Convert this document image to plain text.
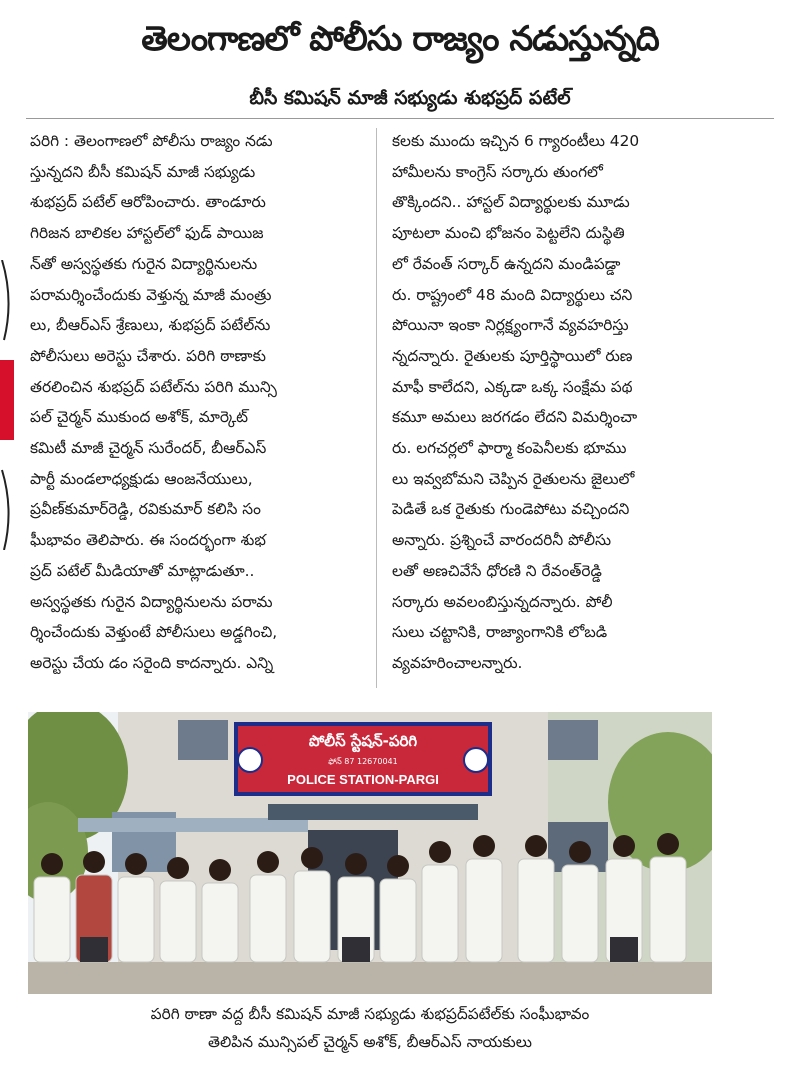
తెలంగాణలో పోలీసు రాజ్యం నడుస్తున్నది
బీసీ కమిషన్ మాజీ సభ్యుడు శుభప్రద్ పటేల్
పరిగి : తెలంగాణలో పోలీసు రాజ్యం నడు
స్తున్నదని బీసీ కమిషన్ మాజీ సభ్యుడు
శుభప్రద్ పటేల్ ఆరోపించారు. తాండూరు
గిరిజన బాలికల హాస్టల్‌లో ఫుడ్ పాయిజ
న్‌తో అస్వస్థతకు గురైన విద్యార్థినులను
పరామర్శించేందుకు వెళ్తున్న మాజీ మంత్రు
లు, బీఆర్ఎస్ శ్రేణులు, శుభప్రద్ పటేల్‌ను
పోలీసులు అరెస్టు చేశారు. పరిగి ఠాణాకు
తరలించిన శుభప్రద్ పటేల్‌ను పరిగి మున్సి
పల్ చైర్మన్ ముకుంద అశోక్, మార్కెట్
కమిటీ మాజీ చైర్మన్ సురేందర్, బీఆర్ఎస్
పార్టీ మండలాధ్యక్షుడు ఆంజనేయులు,
ప్రవీణ్‌కుమార్‌రెడ్డి, రవికుమార్ కలిసి సం
ఘీభావం తెలిపారు. ఈ సందర్భంగా శుభ
ప్రద్ పటేల్ మీడియాతో మాట్లాడుతూ..
అస్వస్థతకు గురైన విద్యార్థినులను పరామ
ర్శించేందుకు వెళ్తుంటే పోలీసులు అడ్డగించి,
అరెస్టు చేయ డం సరైంది కాదన్నారు. ఎన్ని
కలకు ముందు ఇచ్చిన 6 గ్యారంటీలు 420
హామీలను కాంగ్రెస్ సర్కారు తుంగలో
తొక్కిందని.. హాస్టల్ విద్యార్థులకు మూడు
పూటలా మంచి భోజనం పెట్టలేని దుస్థితి
లో రేవంత్ సర్కార్ ఉన్నదని మండిపడ్డా
రు. రాష్ట్రంలో 48 మంది విద్యార్థులు చని
పోయినా ఇంకా నిర్లక్ష్యంగానే వ్యవహరిస్తు
న్నదన్నారు. రైతులకు పూర్తిస్థాయిలో రుణ
మాఫీ కాలేదని, ఎక్కడా ఒక్క సంక్షేమ పథ
కమూ అమలు జరగడం లేదని విమర్శించా
రు. లగచర్లలో ఫార్మా కంపెనీలకు భూము
లు ఇవ్వబోమని చెప్పిన రైతులను జైలులో
పెడితే ఒక రైతుకు గుండెపోటు వచ్చిందని
అన్నారు. ప్రశ్నించే వారందరినీ పోలీసు
లతో అణచివేసే ధోరణి ని రేవంత్‌రెడ్డి
సర్కారు అవలంబిస్తున్నదన్నారు. పోలీ
సులు చట్టానికి, రాజ్యాంగానికి లోబడి
వ్యవహరించాలన్నారు.
పోలీస్ స్టేషన్-పరిగి
ఫోన్ 87 12670041
POLICE STATION-PARGI
పరిగి ఠాణా వద్ద బీసీ కమిషన్ మాజీ సభ్యుడు శుభప్రద్‌పటేల్‌కు సంఘీభావం
తెలిపిన మున్సిపల్ చైర్మన్ అశోక్, బీఆర్ఎస్ నాయకులు
